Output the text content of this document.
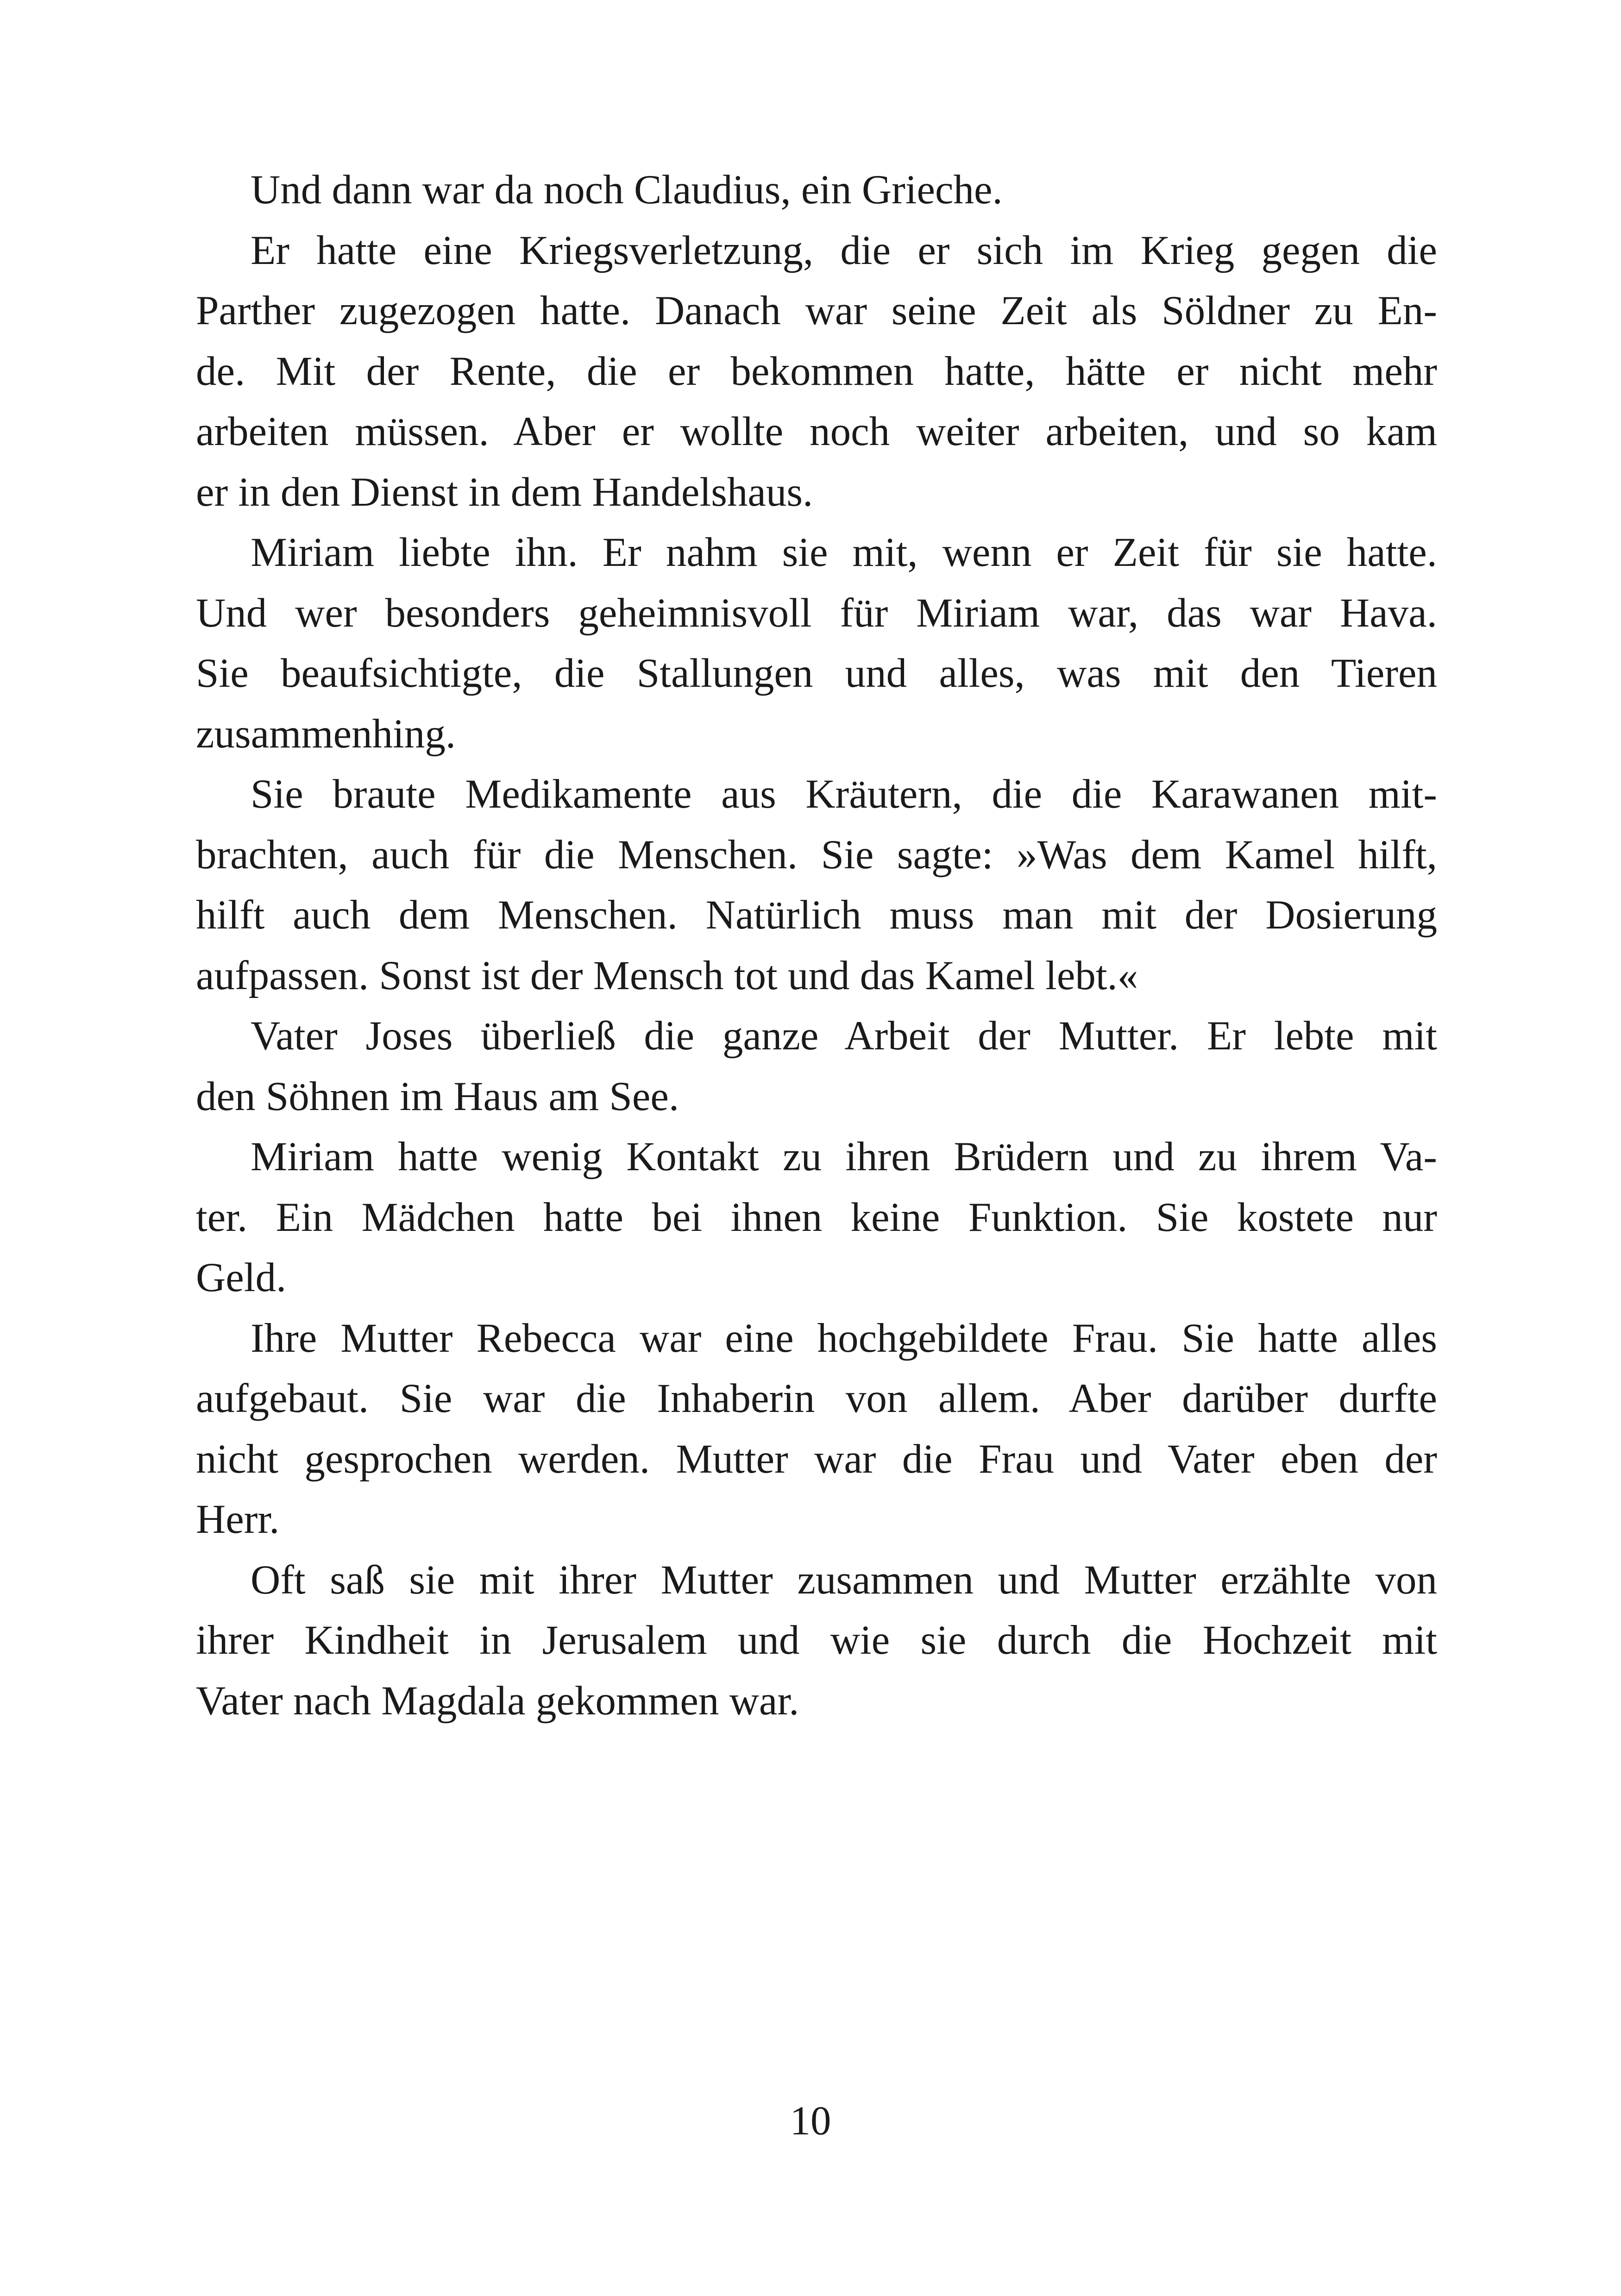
Und dann war da noch Claudius, ein Grieche.
Er hatte eine Kriegsverletzung, die er sich im Krieg gegen die
Parther zugezogen hatte. Danach war seine Zeit als Söldner zu En-
de. Mit der Rente, die er bekommen hatte, hätte er nicht mehr
arbeiten müssen. Aber er wollte noch weiter arbeiten, und so kam
er in den Dienst in dem Handelshaus.
Miriam liebte ihn. Er nahm sie mit, wenn er Zeit für sie hatte.
Und wer besonders geheimnisvoll für Miriam war, das war Hava.
Sie beaufsichtigte, die Stallungen und alles, was mit den Tieren
zusammenhing.
Sie braute Medikamente aus Kräutern, die die Karawanen mit-
brachten, auch für die Menschen. Sie sagte: »Was dem Kamel hilft,
hilft auch dem Menschen. Natürlich muss man mit der Dosierung
aufpassen. Sonst ist der Mensch tot und das Kamel lebt.«
Vater Joses überließ die ganze Arbeit der Mutter. Er lebte mit
den Söhnen im Haus am See.
Miriam hatte wenig Kontakt zu ihren Brüdern und zu ihrem Va-
ter. Ein Mädchen hatte bei ihnen keine Funktion. Sie kostete nur
Geld.
Ihre Mutter Rebecca war eine hochgebildete Frau. Sie hatte alles
aufgebaut. Sie war die Inhaberin von allem. Aber darüber durfte
nicht gesprochen werden. Mutter war die Frau und Vater eben der
Herr.
Oft saß sie mit ihrer Mutter zusammen und Mutter erzählte von
ihrer Kindheit in Jerusalem und wie sie durch die Hochzeit mit
Vater nach Magdala gekommen war.
10
